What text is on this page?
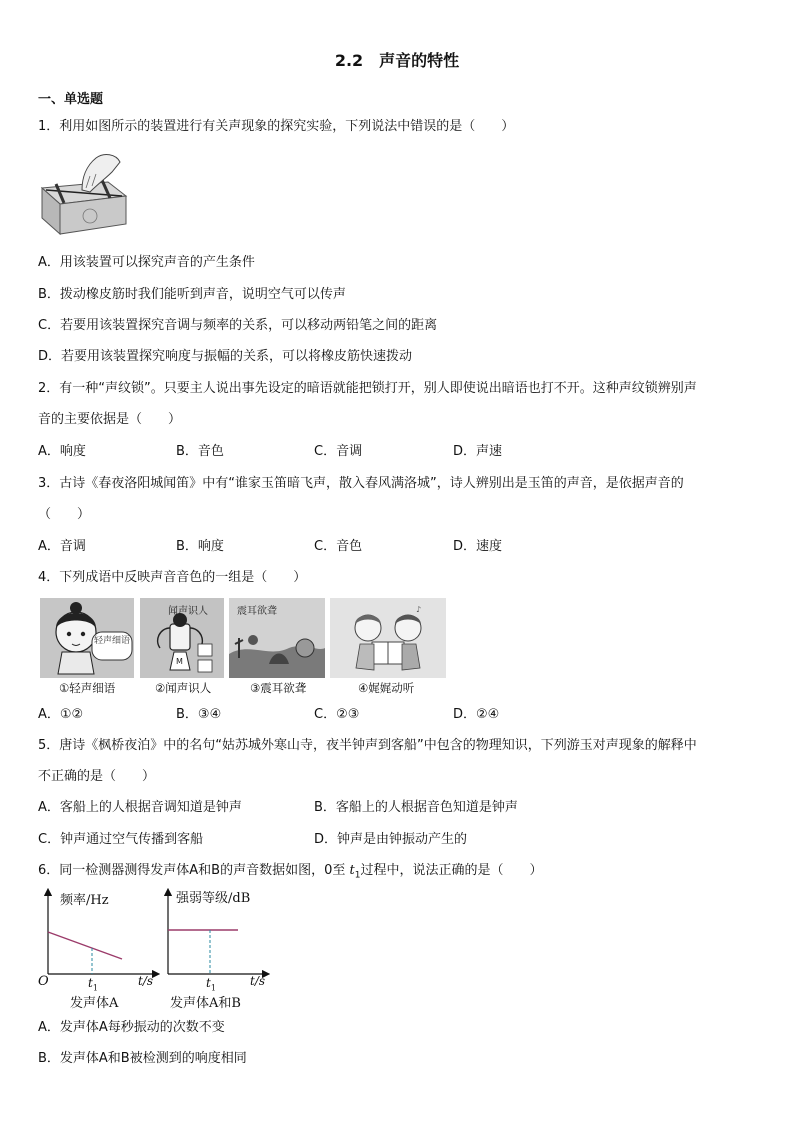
2.2　声音的特性
一、单选题
1．利用如图所示的装置进行有关声现象的探究实验，下列说法中错误的是（　　）
A．用该装置可以探究声音的产生条件
B．拨动橡皮筋时我们能听到声音，说明空气可以传声
C．若要用该装置探究音调与频率的关系，可以移动两铅笔之间的距离
D．若要用该装置探究响度与振幅的关系，可以将橡皮筋快速拨动
2．有一种“声纹锁”。只要主人说出事先设定的暗语就能把锁打开，别人即使说出暗语也打不开。这种声纹锁辨别声
音的主要依据是（　　）
A．响度	B．音色	C．音调	D．声速
3．古诗《春夜洛阳城闻笛》中有“谁家玉笛暗飞声，散入春风满洛城”，诗人辨别出是玉笛的声音，是依据声音的
（　　）
A．音调	B．响度	C．音色	D．速度
4．下列成语中反映声音音色的一组是（　　）
轻声细语
M
闻声识人	震耳欲聋	♪
①轻声细语	②闻声识人	③震耳欲聋	④娓娓动听
A．①②	B．③④	C．②③	D．②④
5．唐诗《枫桥夜泊》中的名句“姑苏城外寒山寺，夜半钟声到客船”中包含的物理知识，下列游玉对声现象的解释中
不正确的是（　　）
A．客船上的人根据音调知道是钟声	B．客船上的人根据音色知道是钟声
C．钟声通过空气传播到客船	D．钟声是由钟振动产生的
6．同一检测器测得发声体A和B的声音数据如图，0至 $t_1$过程中，说法正确的是（　　）
频率/Hz
O	$t_1$	t/s
发声体A
强弱等级/dB
$t_1$	t/s
发声体A和B
A．发声体A每秒振动的次数不变
B．发声体A和B被检测到的响度相同
